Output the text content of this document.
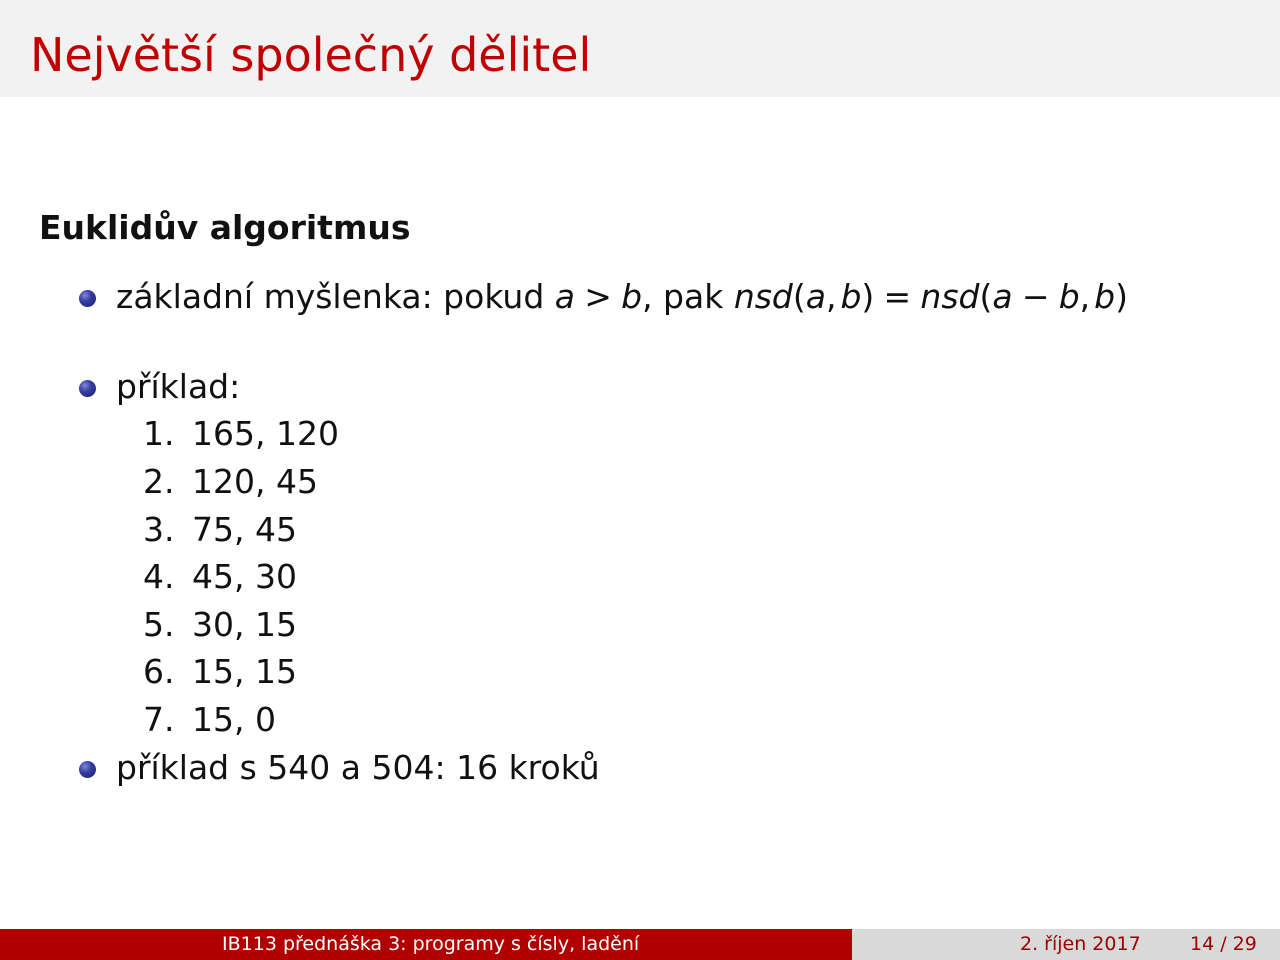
Největší společný dělitel
Euklidův algoritmus
základní myšlenka: pokud a > b, pak nsd(a, b) = nsd(a − b, b)
příklad:
1. 165, 120
2. 120, 45
3. 75, 45
4. 45, 30
5. 30, 15
6. 15, 15
7. 15, 0
příklad s 540 a 504: 16 kroků
IB113 přednáška 3: programy s čísly, ladění	2. říjen 2017	14 / 29
